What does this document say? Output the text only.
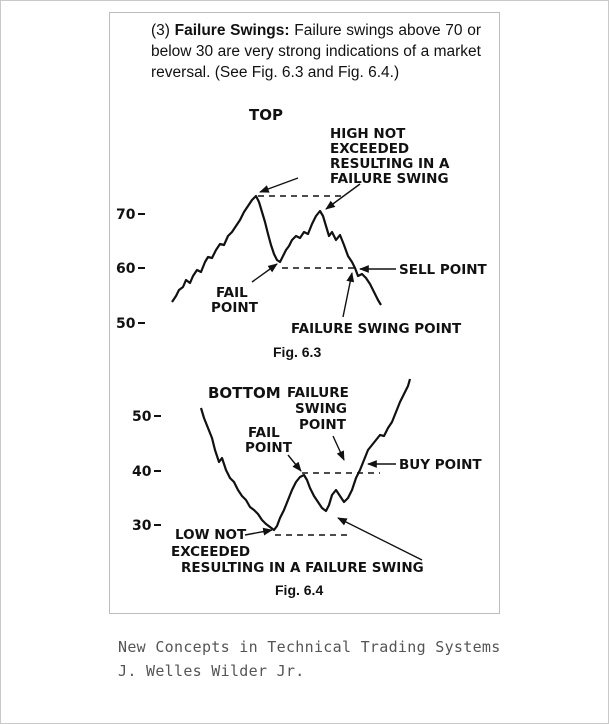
(3) Failure Swings: Failure swings above 70 or below 30 are very strong indications of a market reversal. (See Fig. 6.3 and Fig. 6.4.)
TOP
70
60
50
HIGH NOT
EXCEEDED
RESULTING IN A
FAILURE SWING
FAIL
POINT
SELL POINT
FAILURE SWING POINT
Fig. 6.3
BOTTOM
50
40
30
FAILURE
SWING
POINT
FAIL
POINT
BUY POINT
LOW NOT
EXCEEDED
RESULTING IN A FAILURE SWING
Fig. 6.4
New Concepts in Technical Trading Systems
J. Welles Wilder Jr.
